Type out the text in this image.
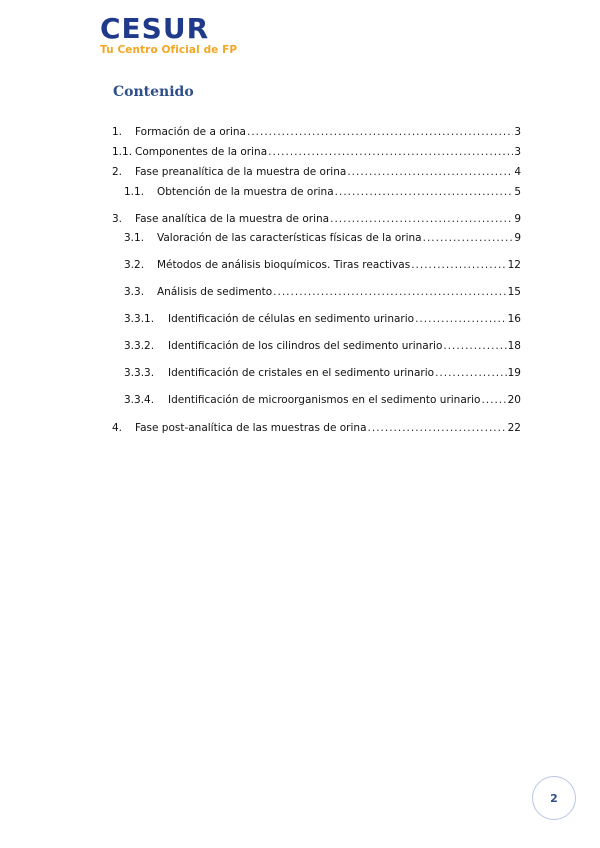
CESUR
Tu Centro Oficial de FP
Contenido
1.	Formación de a orina .....	3
1.1. Componentes de la orina .....	3
2.	Fase preanalítica de la muestra de orina .....	4
1.1.	Obtención de la muestra de orina .....	5
3.	Fase analítica de la muestra de orina .....	9
3.1.	Valoración de las características físicas de la orina .....	9
3.2.	Métodos de análisis bioquímicos. Tiras reactivas .....	12
3.3.	Análisis de sedimento .....	15
3.3.1.	Identificación de células en sedimento urinario .....	16
3.3.2.	Identificación de los cilindros del sedimento urinario .....	18
3.3.3.	Identificación de cristales en el sedimento urinario .....	19
3.3.4.	Identificación de microorganismos en el sedimento urinario .....	20
4.	Fase post-analítica de las muestras de orina .....	22
2
